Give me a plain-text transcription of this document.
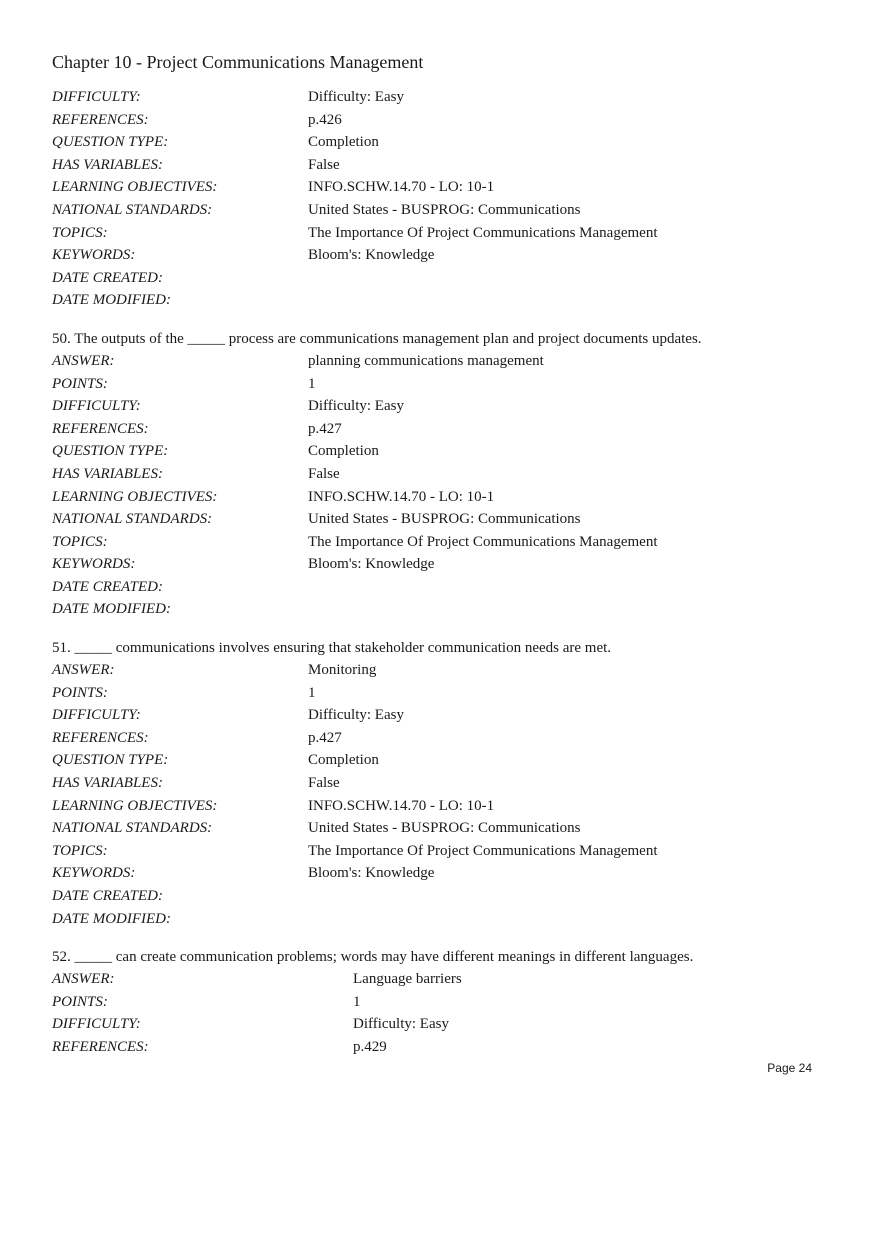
Chapter 10 - Project Communications Management
DIFFICULTY:	Difficulty: Easy
REFERENCES:	p.426
QUESTION TYPE:	Completion
HAS VARIABLES:	False
LEARNING OBJECTIVES:	INFO.SCHW.14.70 - LO: 10-1
NATIONAL STANDARDS:	United States - BUSPROG: Communications
TOPICS:	The Importance Of Project Communications Management
KEYWORDS:	Bloom's: Knowledge
DATE CREATED:
DATE MODIFIED:
50. The outputs of the _____ process are communications management plan and project documents updates.
ANSWER:	planning communications management
POINTS:	1
DIFFICULTY:	Difficulty: Easy
REFERENCES:	p.427
QUESTION TYPE:	Completion
HAS VARIABLES:	False
LEARNING OBJECTIVES:	INFO.SCHW.14.70 - LO: 10-1
NATIONAL STANDARDS:	United States - BUSPROG: Communications
TOPICS:	The Importance Of Project Communications Management
KEYWORDS:	Bloom's: Knowledge
DATE CREATED:
DATE MODIFIED:
51. _____ communications involves ensuring that stakeholder communication needs are met.
ANSWER:	Monitoring
POINTS:	1
DIFFICULTY:	Difficulty: Easy
REFERENCES:	p.427
QUESTION TYPE:	Completion
HAS VARIABLES:	False
LEARNING OBJECTIVES:	INFO.SCHW.14.70 - LO: 10-1
NATIONAL STANDARDS:	United States - BUSPROG: Communications
TOPICS:	The Importance Of Project Communications Management
KEYWORDS:	Bloom's: Knowledge
DATE CREATED:
DATE MODIFIED:
52. _____ can create communication problems; words may have different meanings in different languages.
ANSWER:	Language barriers
POINTS:	1
DIFFICULTY:	Difficulty: Easy
REFERENCES:	p.429
Page 24
